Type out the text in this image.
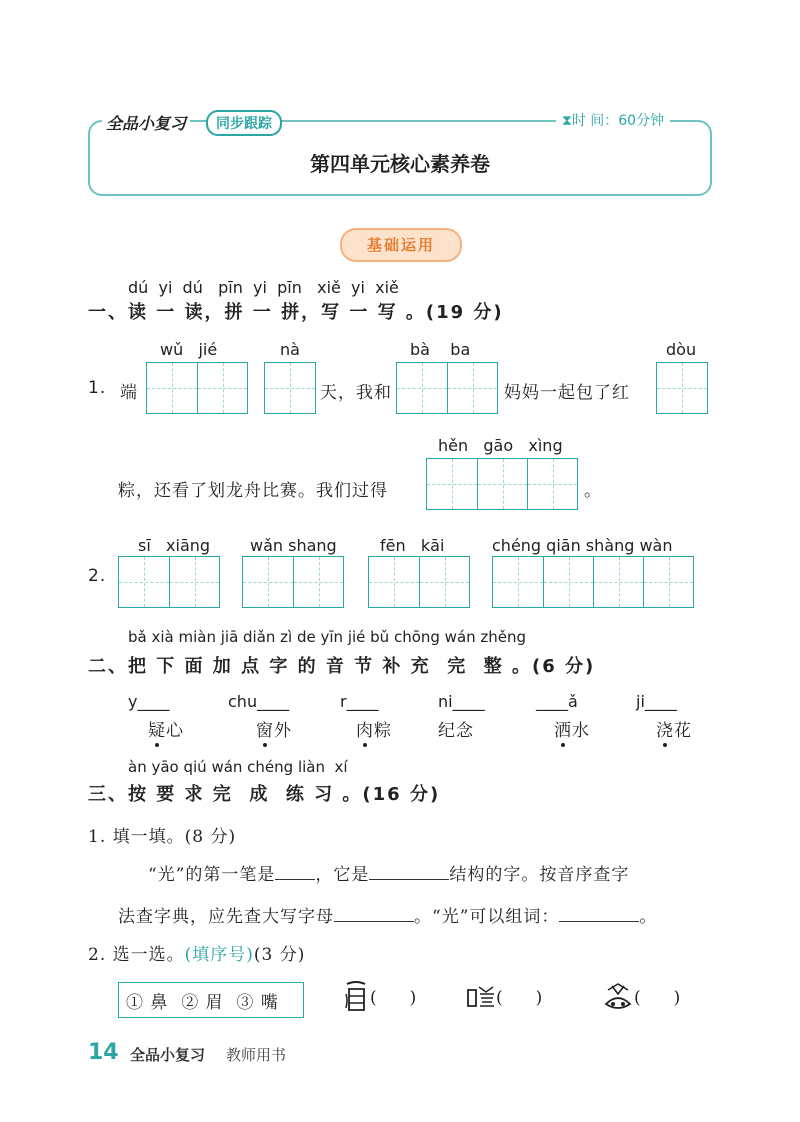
全品小复习	同步跟踪	⧗时 间：60分钟
第四单元核心素养卷
基础运用
dú  yi  dú   pīn  yi  pīn   xiě  yi  xiě
一、读 一 读，拼 一 拼，写 一 写 。(19 分)
wǔ   jié	nà	bà    ba	dòu
1. 端	天，我和	妈妈一起包了红
hěn   gāo   xìng
粽，还看了划龙舟比赛。我们过得	。
sī   xiāng wǎn shang	fēn   kāi	chéng qiān shàng wàn
2.
bǎ xià miàn jiā diǎn zì de yīn jié bǔ chōng wán zhěng
二、把 下 面 加 点 字 的 音 节 补 充  完  整 。(6 分)
y____	chu____	r____	ni____	____ǎ	ji____
疑心	窗外	肉粽	纪念	洒水	浇花
àn yāo qiú wán chéng liàn  xí
三、按 要 求 完  成  练 习 。(16 分)
1. 填一填。(8 分)
“光”的第一笔是 ，它是	结构的字。按音序查字
法查字典，应先查大写字母	。“光”可以组词：	。
2. 选一选。(填序号)(3 分)
① 鼻  ② 眉  ③ 嘴	(     )	(     )	(     )
14 全品小复习 教师用书
